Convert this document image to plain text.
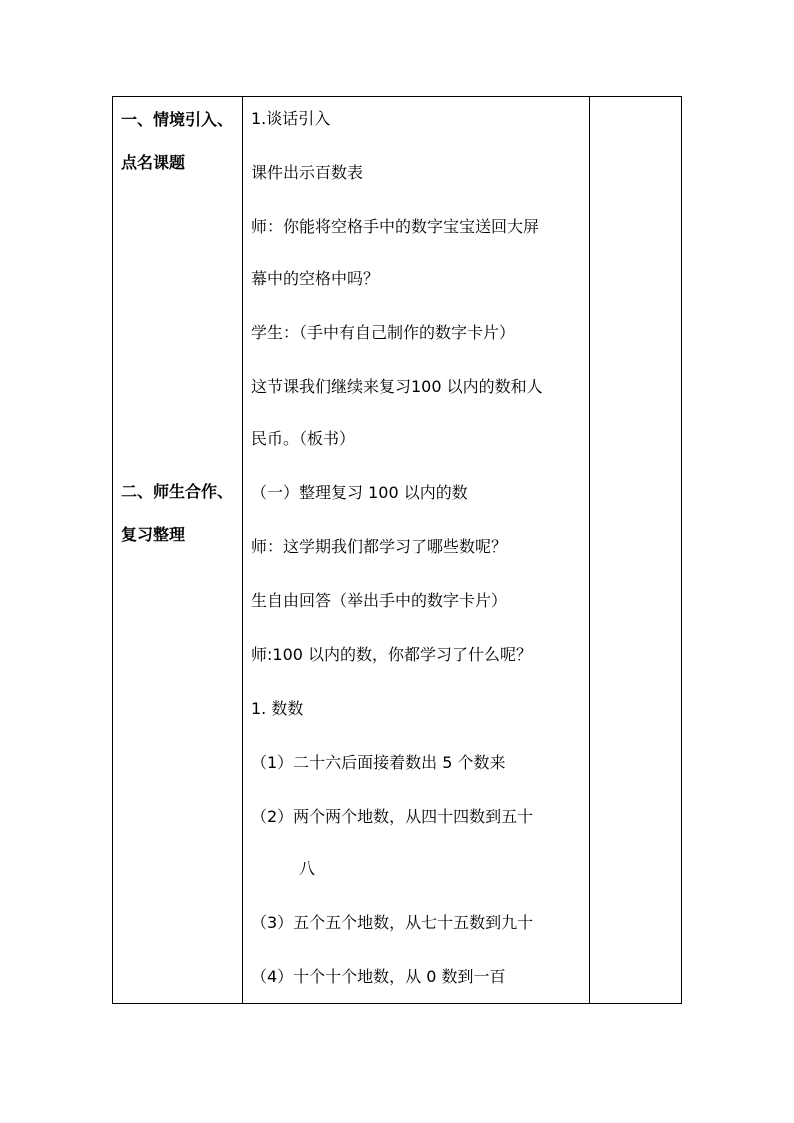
一、情境引入、
点名课题
二、师生合作、
复习整理
1.谈话引入
课件出示百数表
师：你能将空格手中的数字宝宝送回大屏
幕中的空格中吗？
学生：（手中有自己制作的数字卡片）
这节课我们继续来复习100 以内的数和人
民币。（板书）
（一）整理复习 100 以内的数
师：这学期我们都学习了哪些数呢？
生自由回答（举出手中的数字卡片）
师:100 以内的数，你都学习了什么呢？
1. 数数
（1）二十六后面接着数出 5 个数来
（2）两个两个地数，从四十四数到五十
八
（3）五个五个地数，从七十五数到九十
（4）十个十个地数，从 0 数到一百
